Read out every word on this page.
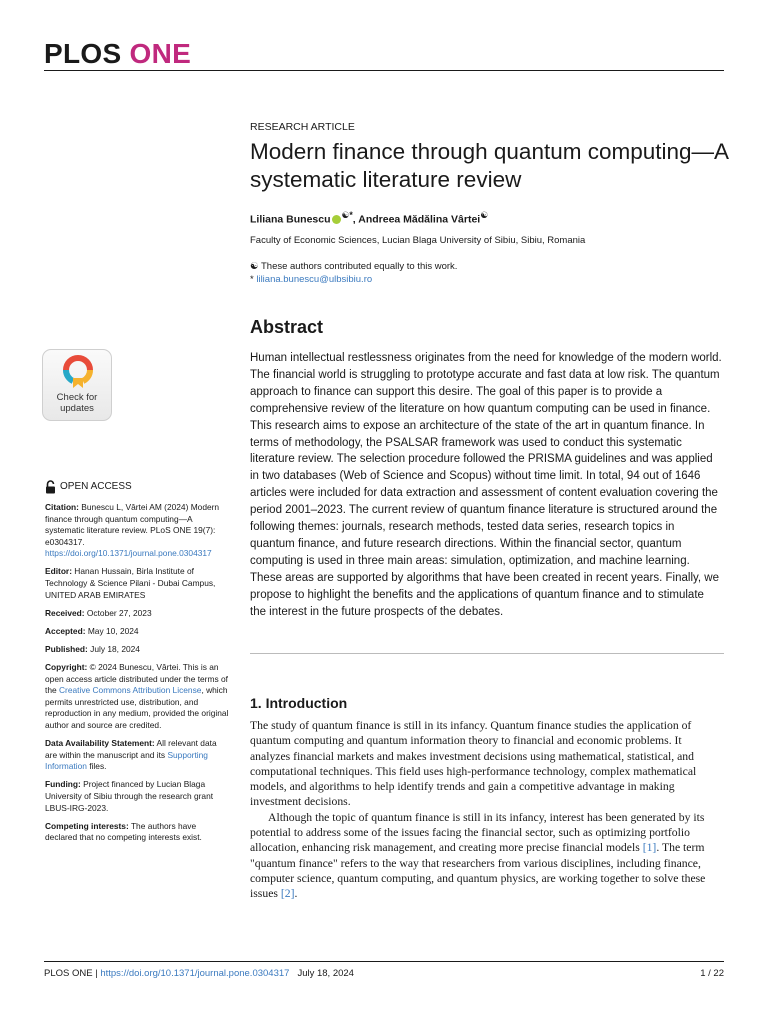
PLOS ONE
RESEARCH ARTICLE
Modern finance through quantum computing—A systematic literature review
Liliana Bunescu ☯*, Andreea Mădălina Vârtei☯
Faculty of Economic Sciences, Lucian Blaga University of Sibiu, Sibiu, Romania
☯ These authors contributed equally to this work.
* liliana.bunescu@ulbsibiu.ro
Check for
updates
Abstract

Human intellectual restlessness originates from the need for knowledge of the modern world. The financial world is struggling to prototype accurate and fast data at low risk. The quantum approach to finance can support this desire. The goal of this paper is to provide a comprehensive review of the literature on how quantum computing can be used in finance. This research aims to expose an architecture of the state of the art in quantum finance. In terms of methodology, the PSALSAR framework was used to conduct this systematic literature review. The selection procedure followed the PRISMA guidelines and was applied in two databases (Web of Science and Scopus) without time limit. In total, 94 out of 1646 articles were included for data extraction and assessment of content evaluation covering the period 2001–2023. The current review of quantum finance literature is structured around the following themes: journals, research methods, tested data series, research topics in quantum finance, and future research directions. Within the financial sector, quantum computing is used in three main areas: simulation, optimization, and machine learning. These areas are supported by algorithms that have been created in recent years. Finally, we propose to highlight the benefits and the applications of quantum finance and to stimulate the interest in the future prospects of the debates.

OPEN ACCESS
Citation: Bunescu L, Vârtei AM (2024) Modern finance through quantum computing—A systematic literature review. PLoS ONE 19(7): e0304317. https://doi.org/10.1371/journal.pone.0304317
Editor: Hanan Hussain, Birla Institute of Technology & Science Pilani - Dubai Campus, UNITED ARAB EMIRATES
Received: October 27, 2023
Accepted: May 10, 2024
Published: July 18, 2024
Copyright: © 2024 Bunescu, Vârtei. This is an open access article distributed under the terms of the Creative Commons Attribution License, which permits unrestricted use, distribution, and reproduction in any medium, provided the original author and source are credited.
Data Availability Statement: All relevant data are within the manuscript and its Supporting Information files.
Funding: Project financed by Lucian Blaga University of Sibiu through the research grant LBUS-IRG-2023.
Competing interests: The authors have declared that no competing interests exist.
1. Introduction

The study of quantum finance is still in its infancy. Quantum finance studies the application of quantum computing and quantum information theory to financial and economic problems. It analyzes financial markets and makes investment decisions using mathematical, statistical, and computational techniques. This field uses high-performance technology, complex mathematical models, and algorithms to help identify trends and gain a competitive advantage in making investment decisions.

Although the topic of quantum finance is still in its infancy, interest has been generated by its potential to address some of the issues facing the financial sector, such as optimizing portfolio allocation, enhancing risk management, and creating more precise financial models [1]. The term "quantum finance" refers to the way that researchers from various disciplines, including finance, computer science, quantum computing, and quantum physics, are working together to solve these issues [2].

PLOS ONE | https://doi.org/10.1371/journal.pone.0304317 July 18, 2024	1 / 22
